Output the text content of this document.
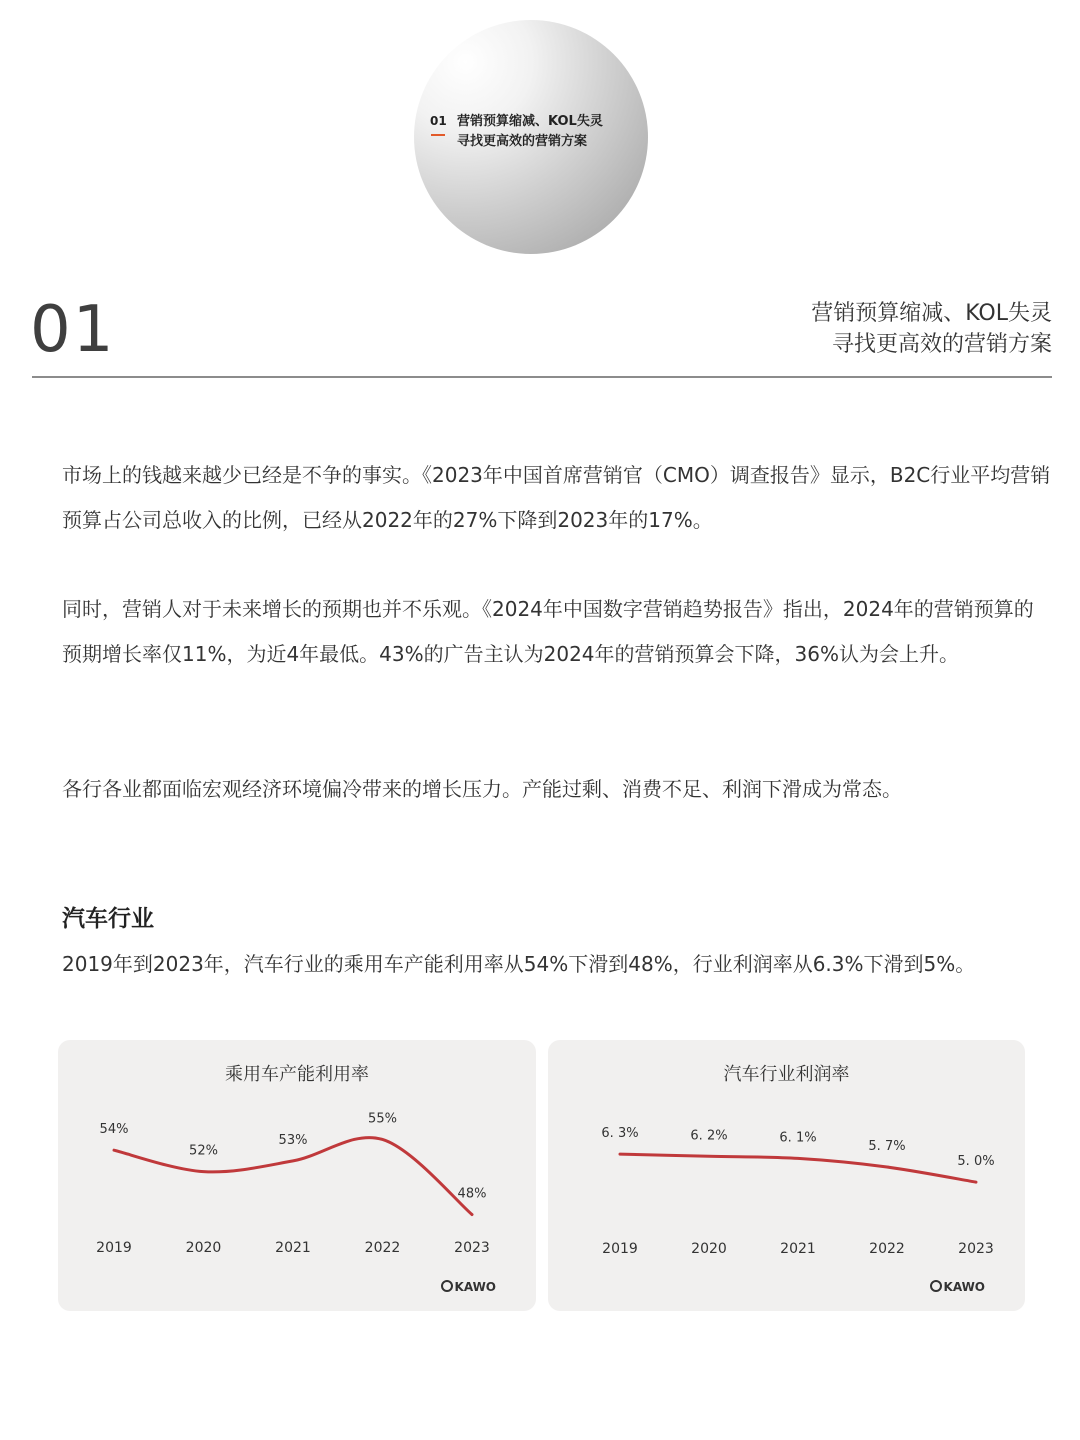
01 营销预算缩减、KOL失灵
寻找更高效的营销方案
01	营销预算缩减、KOL失灵
寻找更高效的营销方案
市场上的钱越来越少已经是不争的事实。《2023年中国首席营销官（CMO）调查报告》显示，B2C行业平均营销预算占公司总收入的比例，已经从2022年的27%下降到2023年的17%。
同时，营销人对于未来增长的预期也并不乐观。《2024年中国数字营销趋势报告》指出，2024年的营销预算的预期增长率仅11%，为近4年最低。43%的广告主认为2024年的营销预算会下降，36%认为会上升。
各行各业都面临宏观经济环境偏冷带来的增长压力。产能过剩、消费不足、利润下滑成为常态。
汽车行业
2019年到2023年，汽车行业的乘用车产能利用率从54%下滑到48%，行业利润率从6.3%下滑到5%。
乘用车产能利用率
54%
2019
52%
2020
53%
2021
55%
2022
48%
2023
KAWO
汽车行业利润率
6. 3%
2019
6. 2%
2020
6. 1%
2021
5. 7%
2022
5. 0%
2023
KAWO
